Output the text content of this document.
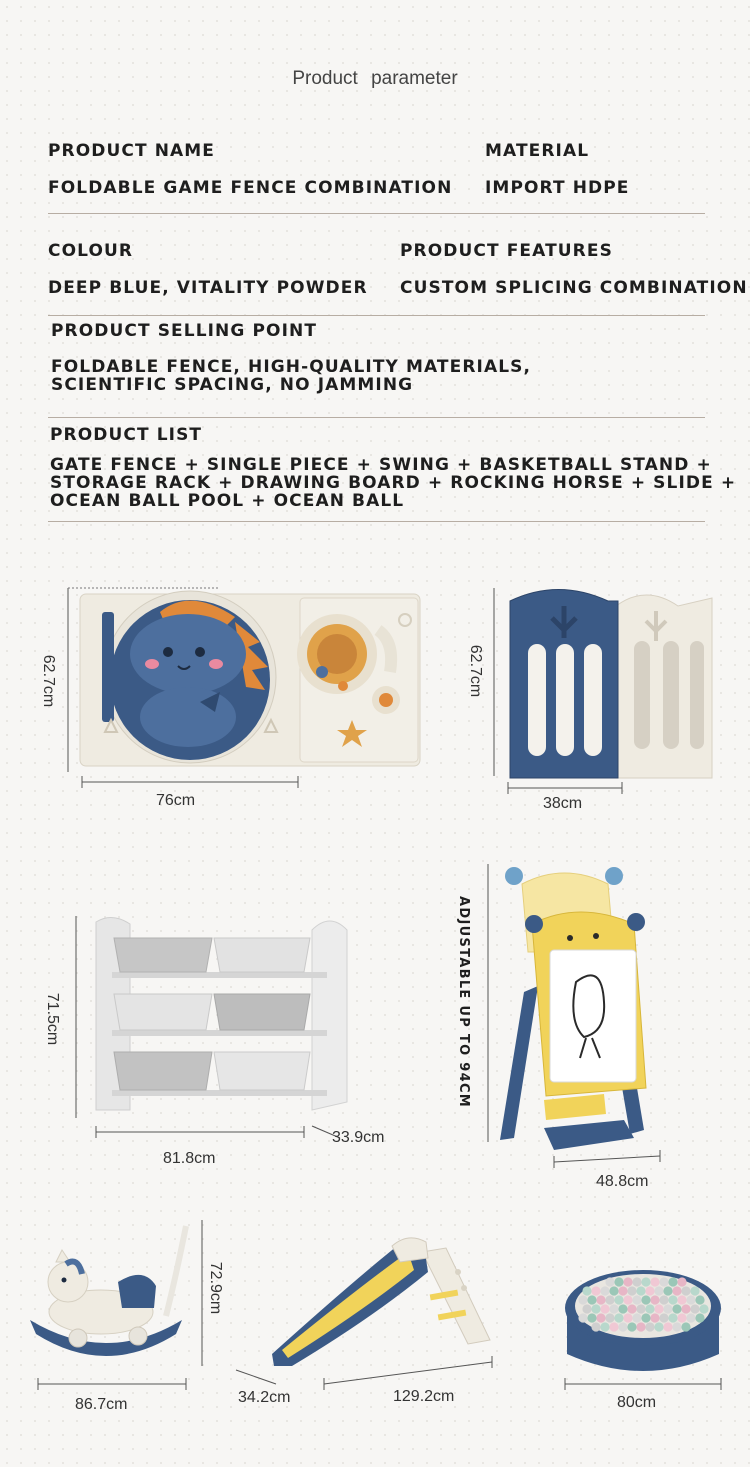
Product parameter
PRODUCT NAME
FOLDABLE GAME FENCE COMBINATION
MATERIAL
IMPORT HDPE
COLOUR
DEEP BLUE, VITALITY POWDER
PRODUCT FEATURES
CUSTOM SPLICING COMBINATION
PRODUCT SELLING POINT
FOLDABLE FENCE, HIGH-QUALITY MATERIALS,
SCIENTIFIC SPACING, NO JAMMING
PRODUCT LIST
GATE FENCE + SINGLE PIECE + SWING + BASKETBALL STAND +
STORAGE RACK + DRAWING BOARD + ROCKING HORSE + SLIDE +
OCEAN BALL POOL + OCEAN BALL
62.7cm
76cm
62.7cm
38cm
71.5cm
81.8cm
33.9cm
ADJUSTABLE UP TO 94CM
48.8cm
72.9cm
86.7cm	34.2cm	129.2cm	80cm
